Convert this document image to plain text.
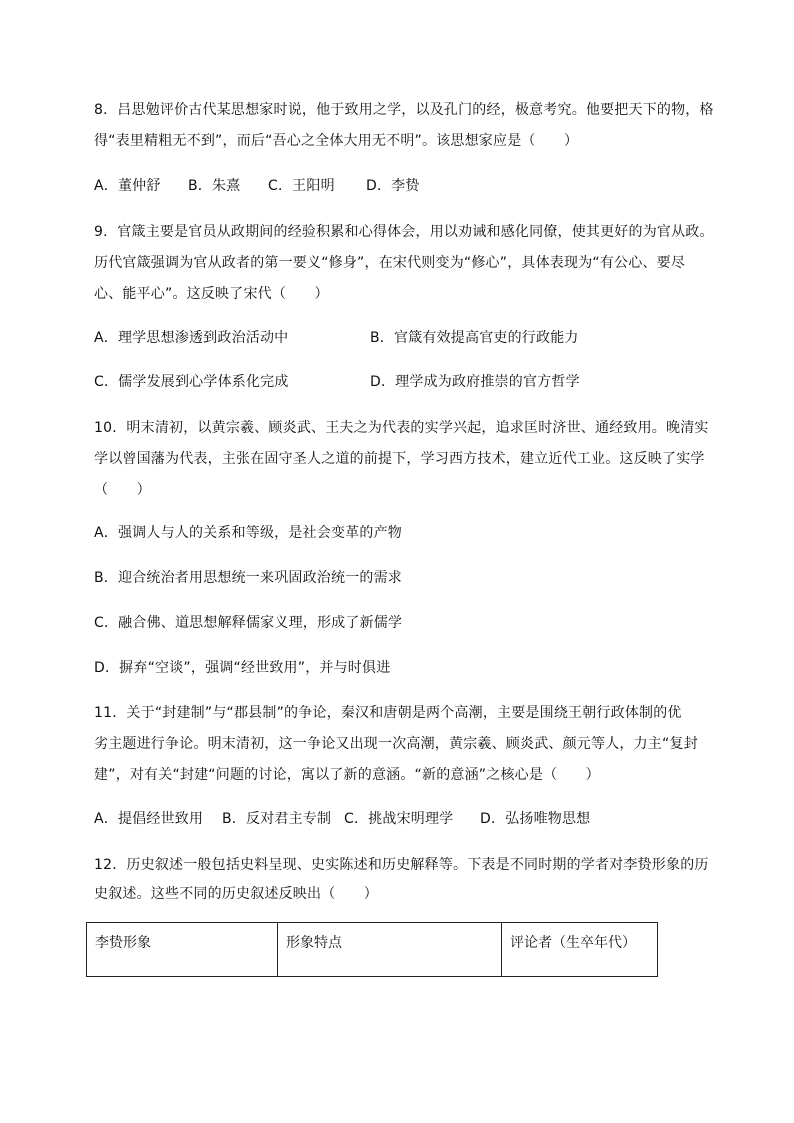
8．吕思勉评价古代某思想家时说，他于致用之学，以及孔门的经，极意考究。他要把天下的物，格
得“表里精粗无不到”，而后“吾心之全体大用无不明”。该思想家应是（　　）
A．董仲舒 B．朱熹 C．王阳明 D．李贽
9．官箴主要是官员从政期间的经验积累和心得体会，用以劝诫和感化同僚，使其更好的为官从政。
历代官箴强调为官从政者的第一要义“修身”，在宋代则变为“修心”，具体表现为“有公心、要尽
心、能平心”。这反映了宋代（　　）
A．理学思想渗透到政治活动中	B．官箴有效提高官吏的行政能力
C．儒学发展到心学体系化完成	D．理学成为政府推崇的官方哲学
10．明末清初，以黄宗羲、顾炎武、王夫之为代表的实学兴起，追求匡时济世、通经致用。晚清实
学以曾国藩为代表，主张在固守圣人之道的前提下，学习西方技术，建立近代工业。这反映了实学
（　　）
A．强调人与人的关系和等级，是社会变革的产物
B．迎合统治者用思想统一来巩固政治统一的需求
C．融合佛、道思想解释儒家义理，形成了新儒学
D．摒弃“空谈”，强调“经世致用”，并与时俱进
11．关于“封建制”与“郡县制”的争论，秦汉和唐朝是两个高潮，主要是围绕王朝行政体制的优
劣主题进行争论。明末清初，这一争论又出现一次高潮，黄宗羲、顾炎武、颜元等人，力主“复封
建”，对有关“封建“问题的讨论，寓以了新的意涵。“新的意涵”之核心是（　　）
A．提倡经世致用 B．反对君主专制 C．挑战宋明理学 D．弘扬唯物思想
12．历史叙述一般包括史料呈现、史实陈述和历史解释等。下表是不同时期的学者对李贽形象的历
史叙述。这些不同的历史叙述反映出（　　）
李贽形象	形象特点	评论者（生卒年代）
